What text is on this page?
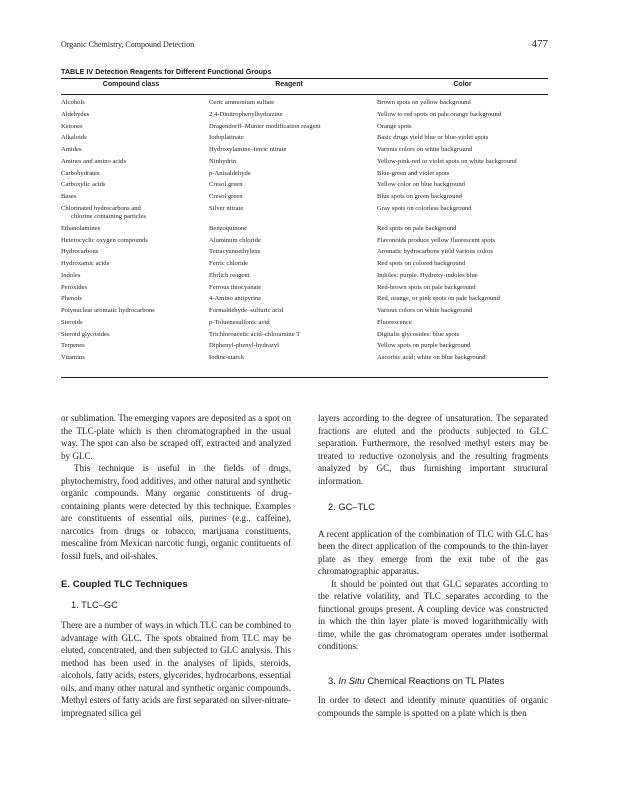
Organic Chemistry, Compound Detection	477
TABLE IV Detection Reagents for Different Functional Groups
Compound class	Reagent	Color
Alcohols	Ceric ammonium sulfate	Brown spots on yellow background
Aldehydes	2,4-Dinitrophenylhydrazine	Yellow to red spots on pale orange background
Ketones	Dragendorff–Munier modification reagent	Orange spots
Alkaloids	Iodoplatinate	Basic drugs yield blue or blue-violet spots
Amides	Hydroxylamine–ferric nitrate	Various colors on white background
Amines and amino acids	Ninhydrin	Yellow-pink-red or violet spots on white background
Carbohydrates	p-Anisaldehyde	Blue-green and violet spots
Carboxylic acids	Cresol green	Yellow color on blue background
Bases	Cresol green	Blue spots on green background
Chlorinated hydrocarbons and
chlorine containing particles
Silver nitrate	Gray spots on colorless background
Ethanolamines	Benzoquinone	Red spots on pale background
Heterocyclic oxygen compounds	Aluminum chloride	Flavonoids produce yellow fluorescent spots
Hydrocarbons	Tetracyanoethylene	Aromatic hydrocarbons yield various colors
Hydroxamic acids	Ferric chloride	Red spots on colored background
Indoles	Ehrlich reagent	Indoles: purple. Hydroxy-indoles blue
Peroxides	Ferrous thiocyanate	Red-brown spots on pale background
Phenols	4-Amino antipyrine	Red, orange, or pink spots on pale background
Polynuclear aromatic hydrocarbons	Formaldehyde–sulfuric acid	Various colors on white background
Steroids	p-Toluenesulfonic acid	Fluorescence
Steroid glycosides	Trichloroacetic acid–chloramine T	Digitalis glycosides: blue spots
Terpenes	Diphenyl-phenyl-hydrazyl	Yellow spots on purple background
Vitamins	Iodine-starch	Ascorbic acid; white on blue background

or sublimation. The emerging vapors are deposited as a spot on the TLC-plate which is then chromatographed in the usual way. The spot can also be scraped off, extracted and analyzed by GLC.

This technique is useful in the fields of drugs, phytochemistry, food additives, and other natural and synthetic organic compounds. Many organic constituents of drug-containing plants were detected by this technique. Examples are constituents of essential oils, purines (e.g., caffeine), narcotics from drugs or tobacco, marijuana constituents, mescaline from Mexican narcotic fungi, organic contituents of fossil fuels, and oil-shales.

E. Coupled TLC Techniques
1. TLC–GC

There are a number of ways in which TLC can be combined to advantage with GLC. The spots obtained from TLC may be eluted, concentrated, and then subjected to GLC analysis. This method has been used in the analyses of lipids, steroids, alcohols, fatty acids, esters, glycerides, hydrocarbons, essential oils, and many other natural and synthetic organic compounds. Methyl esters of fatty acids are first separated on silver-nitrate-impregnated silica gel

layers according to the degree of unsaturation. The separated fractions are eluted and the products subjected to GLC separation. Furthermore, the resolved methyl esters may be treated to reductive ozonolysis and the resulting fragments analyzed by GC, thus furnishing important structural information.

2. GC–TLC

A recent application of the combination of TLC with GLC has been the direct application of the compounds to the thin-layer plate as they emerge from the exit tube of the gas chromatographic apparatus.

It should be pointed out that GLC separates according to the relative volatility, and TLC separates according to the functional groups present. A coupling device was constructed in which the thin layer plate is moved logarithmically with time, while the gas chromatogram operates under isothermal conditions.

3. In Situ Chemical Reactions on TL Plates

In order to detect and identify minute quantities of organic compounds the sample is spotted on a plate which is then
